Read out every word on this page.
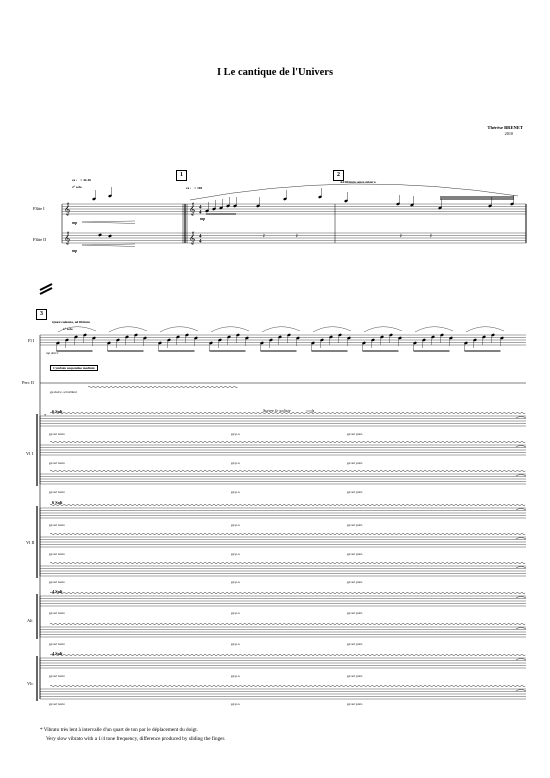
I Le cantique de l'Univers
Thérèse BRENET
2010
𝄞
𝄞
𝄞
𝄞
4
4
4
4
𝄽	𝄽	𝄽	𝄽
1	2
ca ♩ = 44-46
2° solo	ca ♩ = 100
Ad libitum senza misura
Flûte I
Flûte II
mp
mp
mp
3
Quasi cadenza, ad libitum
1° solo
Fl I
Perc II
Vl I
Vl II
Alt
Vlc
mp dolce
Cymbale suspendue medium
pp dolce, scintillant
6 Soli
6 Soli
4 Soli
4 Soli
Suivre le soliste
*
pp sul tasto	pp p.o.	pp sul pont.
pp sul tasto	pp p.o.	pp sul pont.
pp sul tasto	pp p.o.	pp sul pont.
pp sul tasto	pp p.o.	pp sul pont.
pp sul tasto	pp p.o.	pp sul pont.
pp sul tasto	pp p.o.	pp sul pont.
pp sul tasto	pp p.o.	pp sul pont.
pp sul tasto	pp p.o.	pp sul pont.
pp sul tasto	pp p.o.	pp sul pont.
pp sul tasto	pp p.o.	pp sul pont.
* Vibrato très lent à intervalle d'un quart de ton par le déplacement du doigt.
Very slow vibrato with a 1/4 tone frequency, difference produced by sliding the finger.
